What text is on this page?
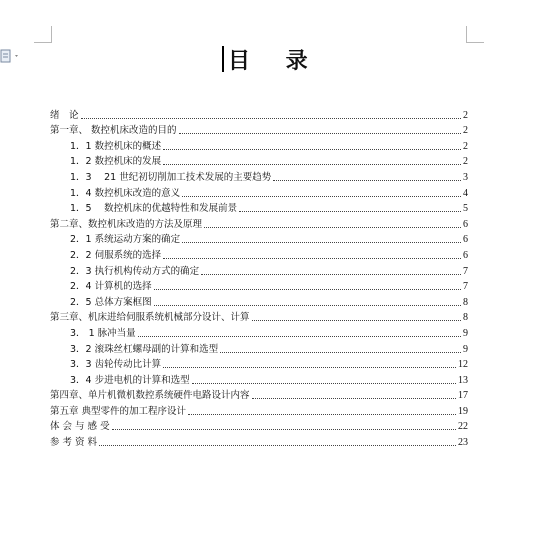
目 录
绪　论	2
第一章、 数控机床改造的目的	2
1．1 数控机床的概述	2
1．2 数控机床的发展	2
1．3　 21 世纪初切削加工技术发展的主要趋势	3
1．4 数控机床改造的意义	4
1．5　 数控机床的优越特性和发展前景	5
第二章、数控机床改造的方法及原理	6
2．1 系统运动方案的确定	6
2．2 伺服系统的选择	6
2．3 执行机构传动方式的确定	7
2．4 计算机的选择	7
2．5 总体方案框图	8
第三章、机床进给伺服系统机械部分设计、计算	8
3． 1 脉冲当量	9
3．2 滚珠丝杠螺母副的计算和选型	9
3．3 齿轮传动比计算	12
3．4 步进电机的计算和选型	13
第四章、单片机微机数控系统硬件电路设计内容	17
第五章 典型零件的加工程序设计	19
体 会 与 感 受	22
参 考 资 料	23
